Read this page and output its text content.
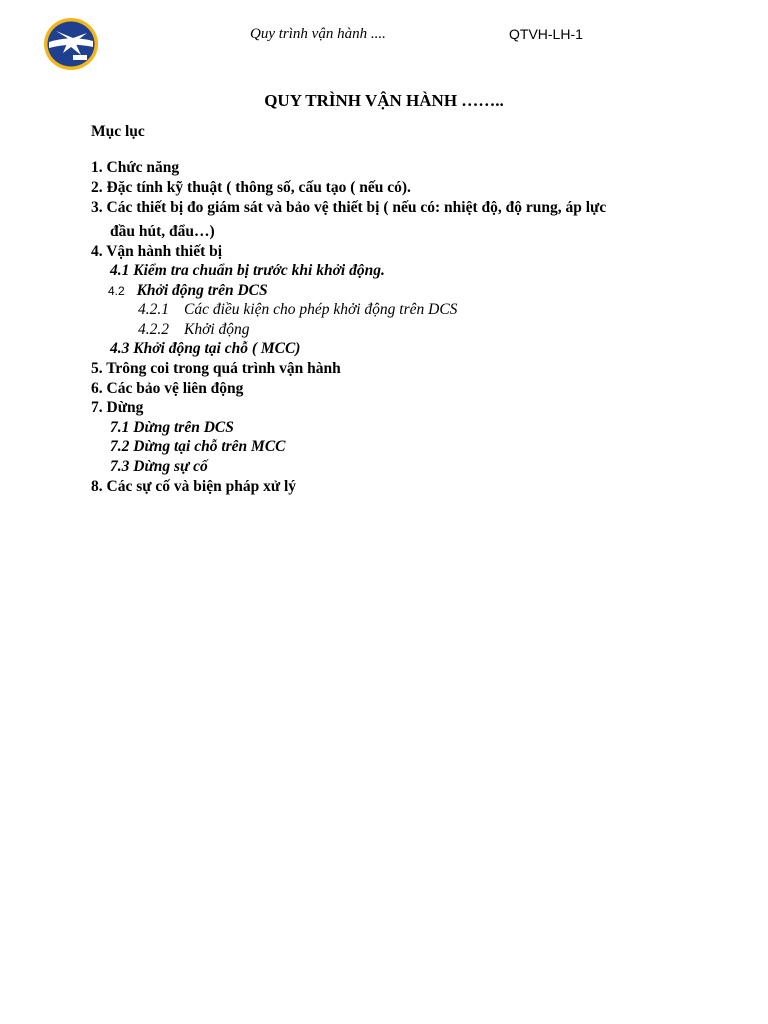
Quy trình vận hành ....	QTVH-LH-1
QUY TRÌNH VẬN HÀNH ……..
Mục lục
1. Chức năng
2. Đặc tính kỹ thuật ( thông số, cấu tạo ( nếu có).
3. Các thiết bị đo giám sát và bảo vệ thiết bị ( nếu có: nhiệt độ, độ rung, áp lực
đầu hút, đẩu…)
4. Vận hành thiết bị
4.1 Kiểm tra chuẩn bị trước khi khởi động.
4.2 Khởi động trên DCS
4.2.1 Các điều kiện cho phép khởi động trên DCS
4.2.2 Khởi động
4.3 Khởi động tại chỗ ( MCC)
5. Trông coi trong quá trình vận hành
6. Các bảo vệ liên động
7. Dừng
7.1 Dừng trên DCS
7.2 Dừng tại chỗ trên MCC
7.3 Dừng sự cố
8. Các sự cố và biện pháp xử lý
